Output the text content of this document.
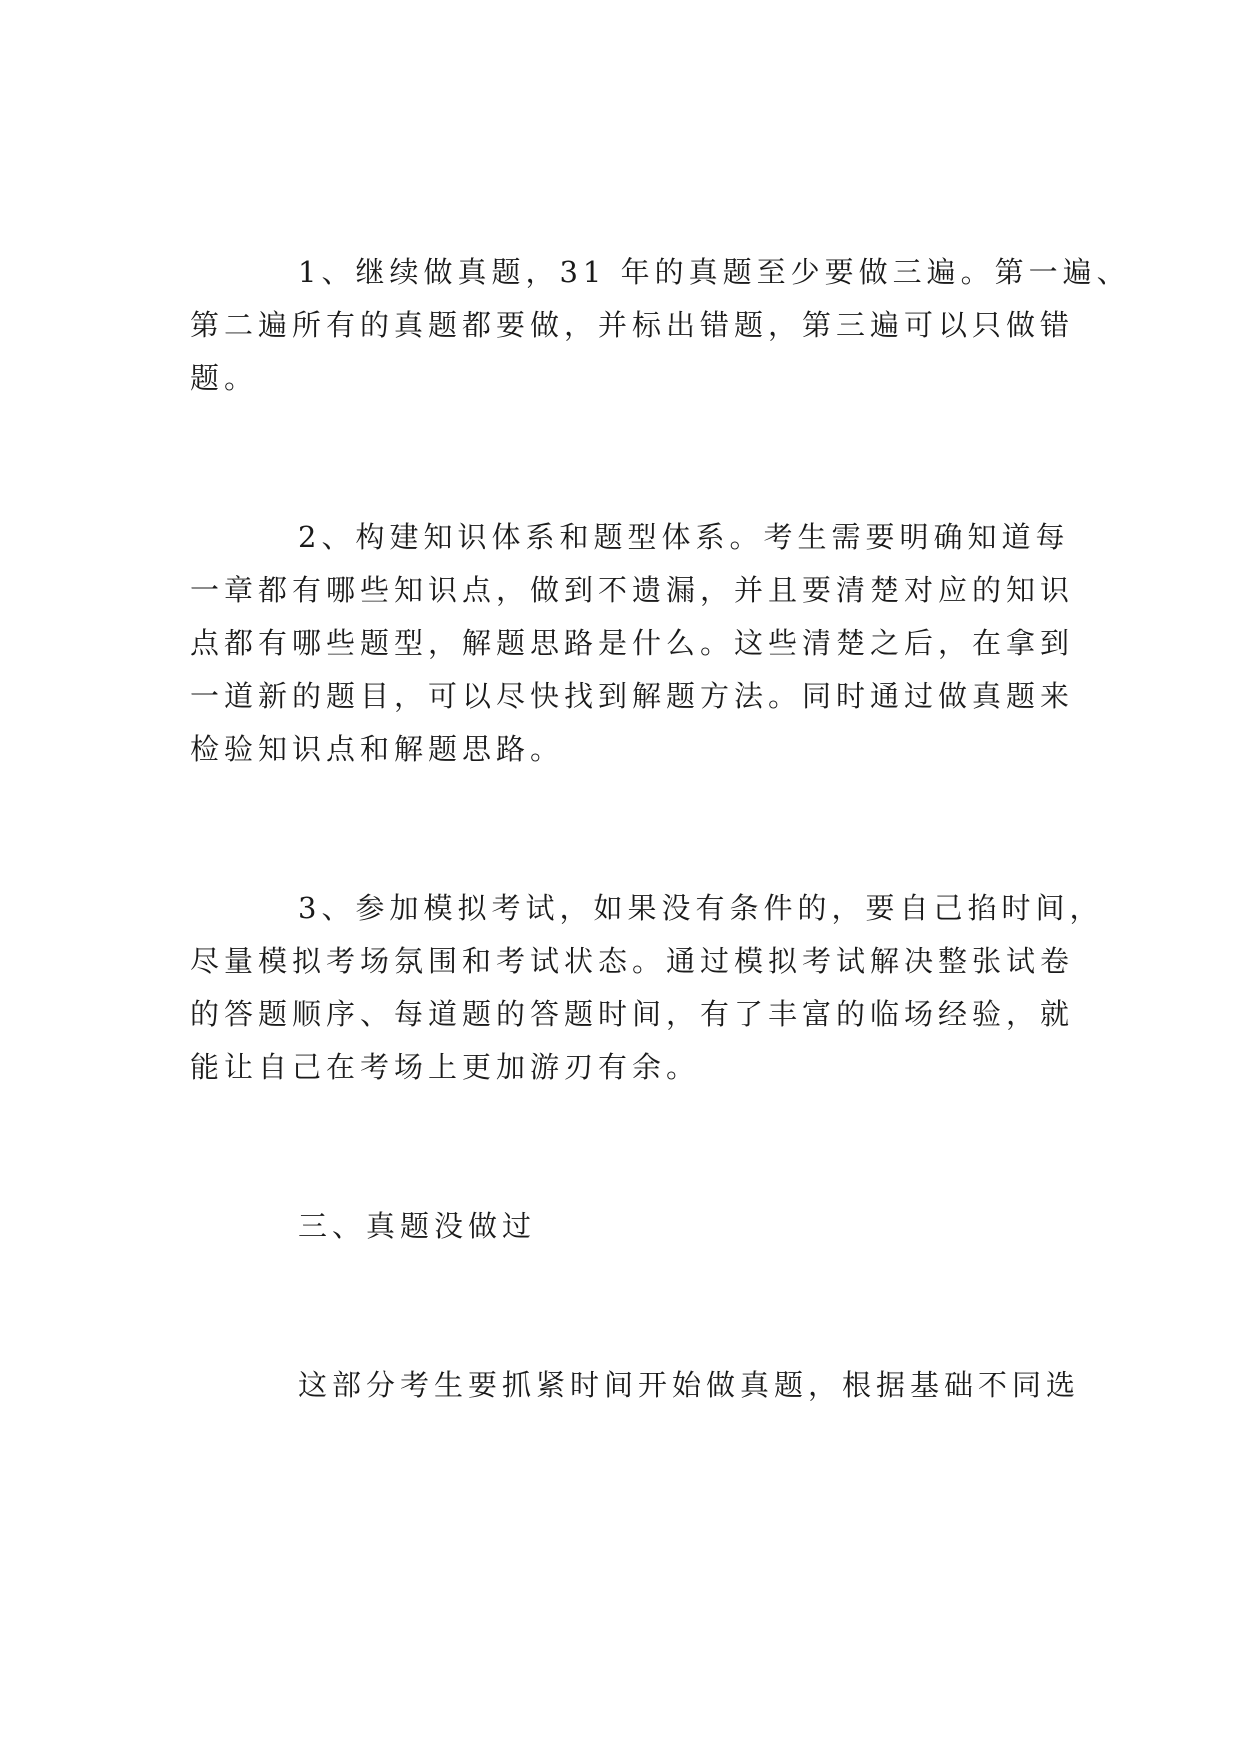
1、继续做真题，31 年的真题至少要做三遍。第一遍、
第二遍所有的真题都要做，并标出错题，第三遍可以只做错
题。
2、构建知识体系和题型体系。考生需要明确知道每
一章都有哪些知识点，做到不遗漏，并且要清楚对应的知识
点都有哪些题型，解题思路是什么。这些清楚之后，在拿到
一道新的题目，可以尽快找到解题方法。同时通过做真题来
检验知识点和解题思路。
3、参加模拟考试，如果没有条件的，要自己掐时间，
尽量模拟考场氛围和考试状态。通过模拟考试解决整张试卷
的答题顺序、每道题的答题时间，有了丰富的临场经验，就
能让自己在考场上更加游刃有余。
三、真题没做过
这部分考生要抓紧时间开始做真题，根据基础不同选
